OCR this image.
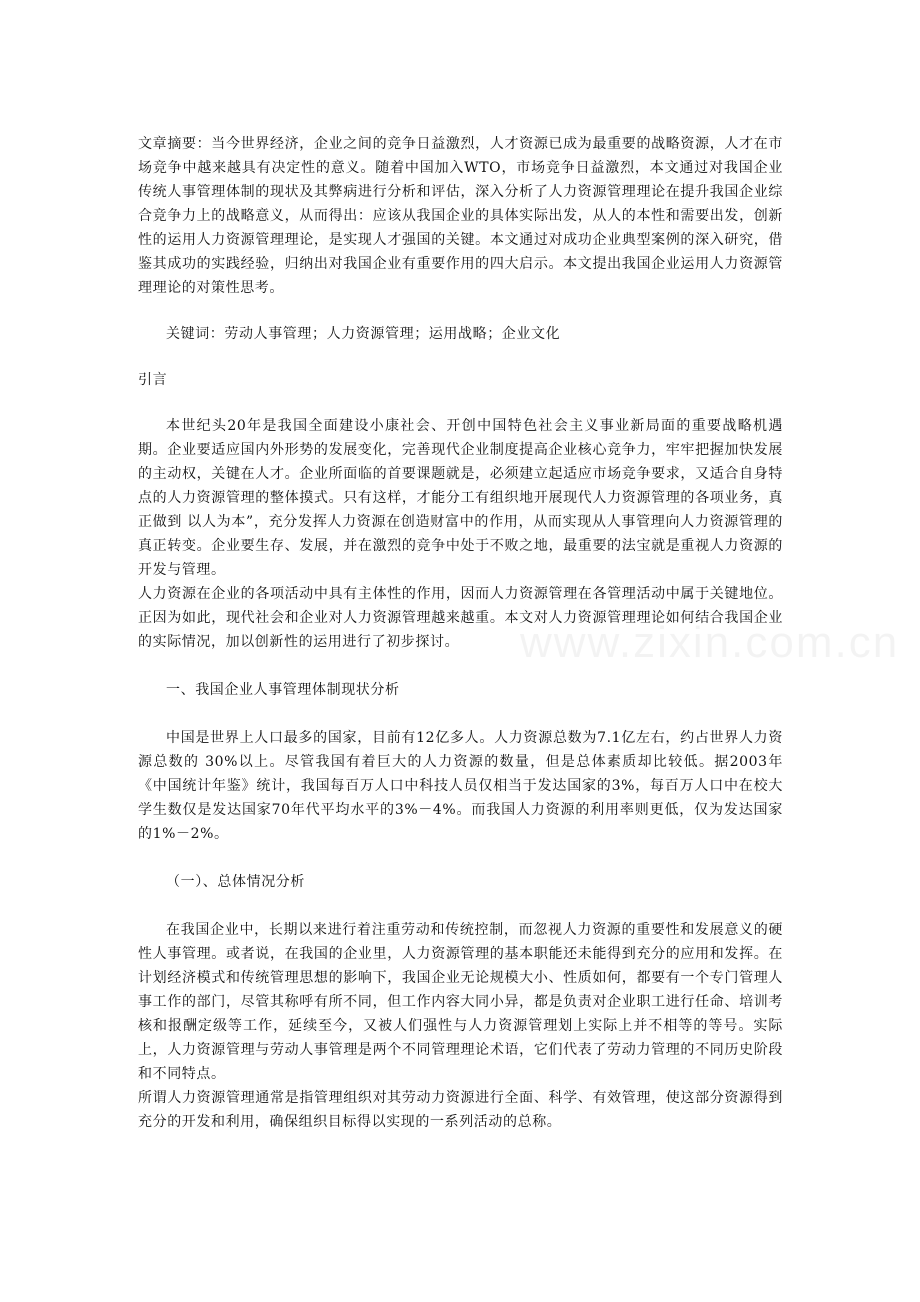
文章摘要：当今世界经济，企业之间的竞争日益激烈，人才资源已成为最重要的战略资源，人才在市场竞争中越来越具有决定性的意义。随着中国加入WTO，市场竞争日益激烈，本文通过对我国企业传统人事管理体制的现状及其弊病进行分析和评估，深入分析了人力资源管理理论在提升我国企业综合竞争力上的战略意义，从而得出：应该从我国企业的具体实际出发，从人的本性和需要出发，创新性的运用人力资源管理理论，是实现人才强国的关键。本文通过对成功企业典型案例的深入研究，借鉴其成功的实践经验，归纳出对我国企业有重要作用的四大启示。本文提出我国企业运用人力资源管理理论的对策性思考。

关键词：劳动人事管理；人力资源管理；运用战略；企业文化

引言

本世纪头20年是我国全面建设小康社会、开创中国特色社会主义事业新局面的重要战略机遇期。企业要适应国内外形势的发展变化，完善现代企业制度提高企业核心竞争力，牢牢把握加快发展的主动权，关键在人才。企业所面临的首要课题就是，必须建立起适应市场竞争要求，又适合自身特点的人力资源管理的整体摸式。只有这样，才能分工有组织地开展现代人力资源管理的各项业务，真正做到 以人为本”，充分发挥人力资源在创造财富中的作用，从而实现从人事管理向人力资源管理的真正转变。企业要生存、发展，并在激烈的竞争中处于不败之地，最重要的法宝就是重视人力资源的开发与管理。

人力资源在企业的各项活动中具有主体性的作用，因而人力资源管理在各管理活动中属于关键地位。正因为如此，现代社会和企业对人力资源管理越来越重。本文对人力资源管理理论如何结合我国企业的实际情况，加以创新性的运用进行了初步探讨。

一、我国企业人事管理体制现状分析

中国是世界上人口最多的国家，目前有12亿多人。人力资源总数为7.1亿左右，约占世界人力资源总数的 30%以上。尽管我国有着巨大的人力资源的数量，但是总体素质却比较低。据2003年《中国统计年鉴》统计，我国每百万人口中科技人员仅相当于发达国家的3%，每百万人口中在校大学生数仅是发达国家70年代平均水平的3%－4%。而我国人力资源的利用率则更低，仅为发达国家的1%－2%。

（一）、总体情况分析

在我国企业中，长期以来进行着注重劳动和传统控制，而忽视人力资源的重要性和发展意义的硬性人事管理。或者说，在我国的企业里，人力资源管理的基本职能还未能得到充分的应用和发挥。在计划经济模式和传统管理思想的影响下，我国企业无论规模大小、性质如何，都要有一个专门管理人事工作的部门，尽管其称呼有所不同，但工作内容大同小异，都是负责对企业职工进行任命、培训考核和报酬定级等工作，延续至今，又被人们强性与人力资源管理划上实际上并不相等的等号。实际上，人力资源管理与劳动人事管理是两个不同管理理论术语，它们代表了劳动力管理的不同历史阶段和不同特点。

所谓人力资源管理通常是指管理组织对其劳动力资源进行全面、科学、有效管理，使这部分资源得到充分的开发和利用，确保组织目标得以实现的一系列活动的总称。
